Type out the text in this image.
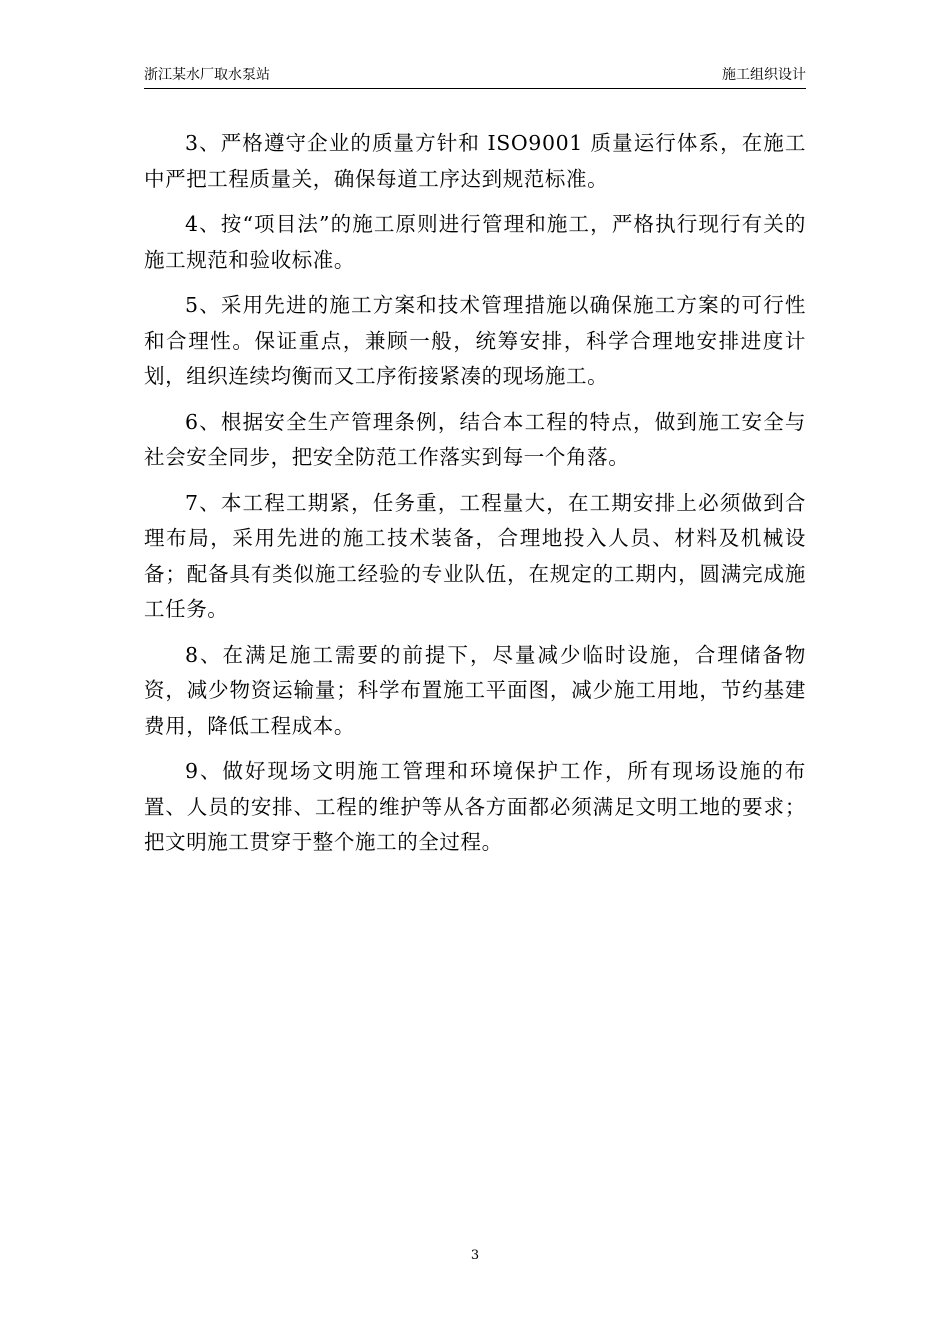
浙江某水厂取水泵站	施工组织设计

3、严格遵守企业的质量方针和 ISO9001 质量运行体系，在施工中严把工程质量关，确保每道工序达到规范标准。

4、按“项目法”的施工原则进行管理和施工，严格执行现行有关的施工规范和验收标准。

5、采用先进的施工方案和技术管理措施以确保施工方案的可行性和合理性。保证重点，兼顾一般，统筹安排，科学合理地安排进度计划，组织连续均衡而又工序衔接紧凑的现场施工。

6、根据安全生产管理条例，结合本工程的特点，做到施工安全与社会安全同步，把安全防范工作落实到每一个角落。

7、本工程工期紧，任务重，工程量大，在工期安排上必须做到合理布局，采用先进的施工技术装备，合理地投入人员、材料及机械设备；配备具有类似施工经验的专业队伍，在规定的工期内，圆满完成施工任务。

8、在满足施工需要的前提下，尽量减少临时设施，合理储备物资，减少物资运输量；科学布置施工平面图，减少施工用地，节约基建费用，降低工程成本。

9、做好现场文明施工管理和环境保护工作，所有现场设施的布置、人员的安排、工程的维护等从各方面都必须满足文明工地的要求；把文明施工贯穿于整个施工的全过程。

3
